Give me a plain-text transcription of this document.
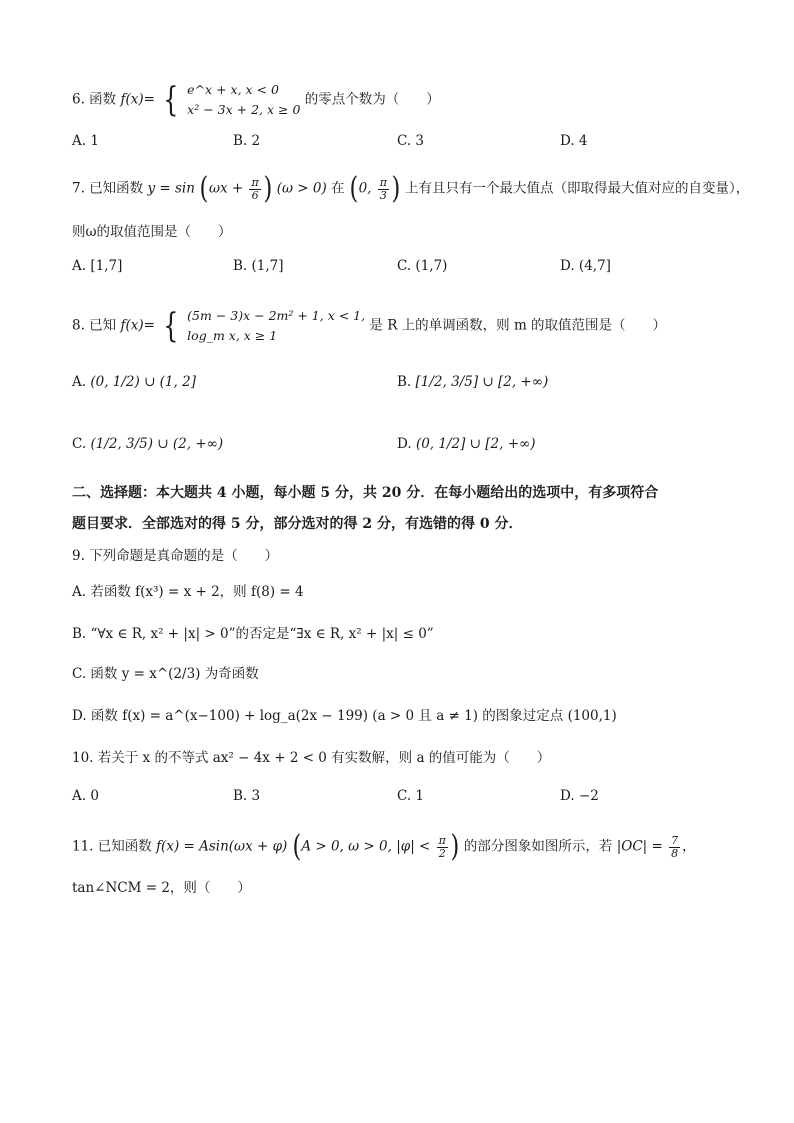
6. 函数 f(x)= { e^x + x, x < 0
x² − 3x + 2, x ≥ 0
的零点个数为（　　）
A. 1	B. 2	C. 3	D. 4
7. 已知函数 $y = \sin (\omega x + \frac{\pi}{6}$ ) (ω > 0) 在 (0, $\frac{\pi}{3}$ ) 上有且只有一个最大值点（即取得最大值对应的自变量），
则ω的取值范围是（　　）
A. [1,7]	B. (1,7]	C. (1,7)	D. (4,7]
8. 已知 f(x)= { (5m − 3)x − 2m² + 1, x < 1,
log_m x, x ≥ 1
是 R 上的单调函数，则 m 的取值范围是（　　）
A. (0, 1/2) ∪ (1, 2]	B. [1/2, 3/5] ∪ [2, +∞)
C. (1/2, 3/5) ∪ (2, +∞)	D. (0, 1/2] ∪ [2, +∞)
二、选择题：本大题共 4 小题，每小题 5 分，共 20 分．在每小题给出的选项中，有多项符合
题目要求．全部选对的得 5 分，部分选对的得 2 分，有选错的得 0 分．
9. 下列命题是真命题的是（　　）
A. 若函数 f(x³) = x + 2，则 f(8) = 4
B. “∀x ∈ R, x² + |x| > 0”的否定是“∃x ∈ R, x² + |x| ≤ 0”
C. 函数 y = x^(2/3) 为奇函数
D. 函数 f(x) = a^(x−100) + log_a(2x − 199) (a > 0 且 a ≠ 1) 的图象过定点 (100,1)
10. 若关于 x 的不等式 ax² − 4x + 2 < 0 有实数解，则 a 的值可能为（　　）
A. 0	B. 3	C. 1	D. −2
11. 已知函数 f(x) = Asin(ωx + φ) (A > 0, ω > 0, $|\varphi| < \frac{\pi}{2}$ ) 的部分图象如图所示，若 $|OC| = \frac{7}{8}$ ，
tan∠NCM = 2，则（　　）
